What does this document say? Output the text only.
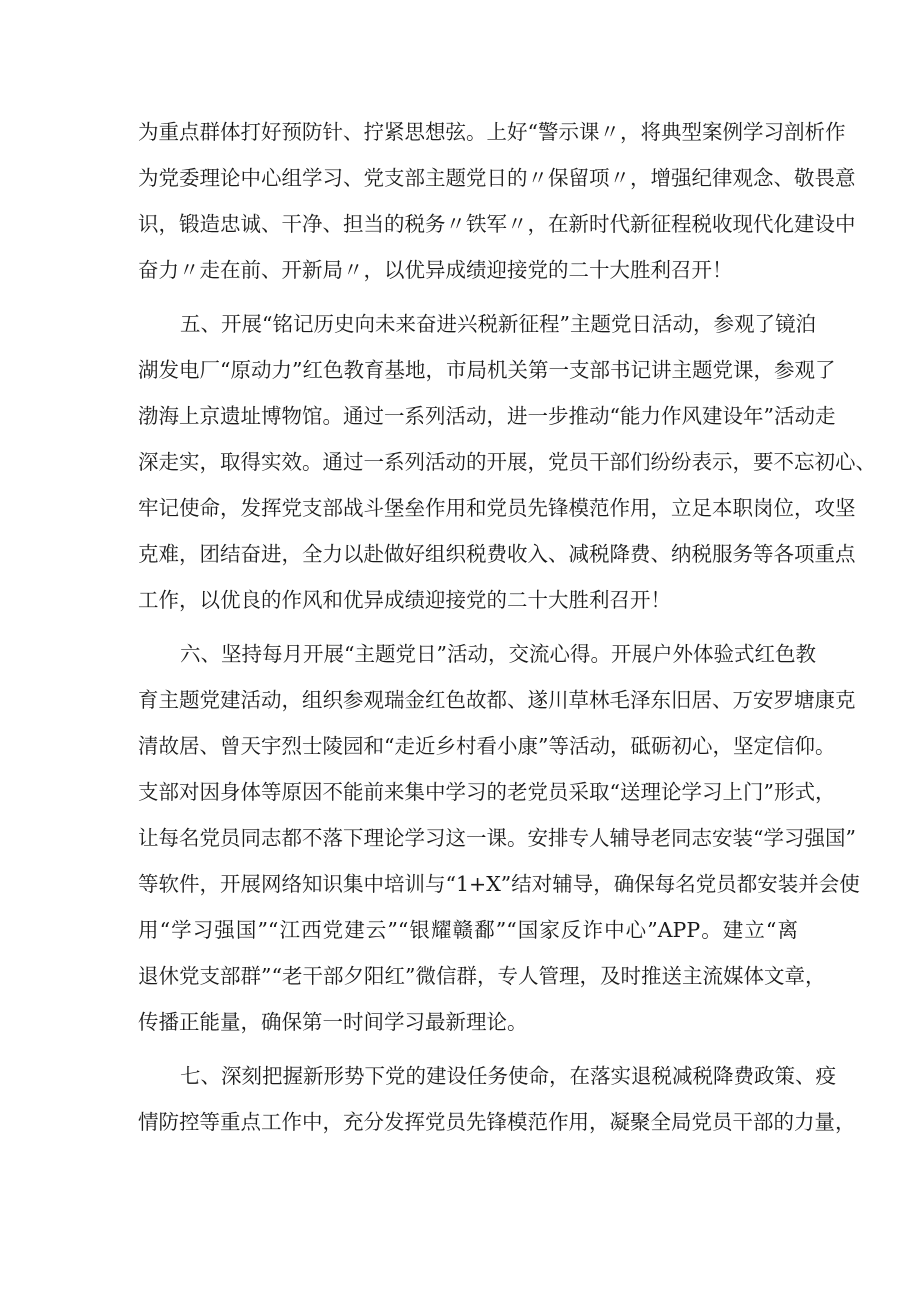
为重点群体打好预防针、拧紧思想弦。上好“警示课〃，将典型案例学习剖析作
为党委理论中心组学习、党支部主题党日的〃保留项〃，增强纪律观念、敬畏意
识，锻造忠诚、干净、担当的税务〃铁军〃，在新时代新征程税收现代化建设中
奋力〃走在前、开新局〃，以优异成绩迎接党的二十大胜利召开！
五、开展“铭记历史向未来奋进兴税新征程”主题党日活动，参观了镜泊
湖发电厂“原动力”红色教育基地，市局机关第一支部书记讲主题党课，参观了
渤海上京遗址博物馆。通过一系列活动，进一步推动“能力作风建设年”活动走
深走实，取得实效。通过一系列活动的开展，党员干部们纷纷表示，要不忘初心、
牢记使命，发挥党支部战斗堡垒作用和党员先锋模范作用，立足本职岗位，攻坚
克难，团结奋进，全力以赴做好组织税费收入、减税降费、纳税服务等各项重点
工作，以优良的作风和优异成绩迎接党的二十大胜利召开！
六、坚持每月开展“主题党日”活动，交流心得。开展户外体验式红色教
育主题党建活动，组织参观瑞金红色故都、遂川草林毛泽东旧居、万安罗塘康克
清故居、曾天宇烈士陵园和“走近乡村看小康”等活动，砥砺初心，坚定信仰。
支部对因身体等原因不能前来集中学习的老党员采取“送理论学习上门”形式，
让每名党员同志都不落下理论学习这一课。安排专人辅导老同志安装“学习强国”
等软件，开展网络知识集中培训与“1+X”结对辅导，确保每名党员都安装并会使
用“学习强国”“江西党建云”“银耀赣鄱”“国家反诈中心”APP。建立“离
退休党支部群”“老干部夕阳红”微信群，专人管理，及时推送主流媒体文章，
传播正能量，确保第一时间学习最新理论。
七、深刻把握新形势下党的建设任务使命，在落实退税减税降费政策、疫
情防控等重点工作中，充分发挥党员先锋模范作用，凝聚全局党员干部的力量，
